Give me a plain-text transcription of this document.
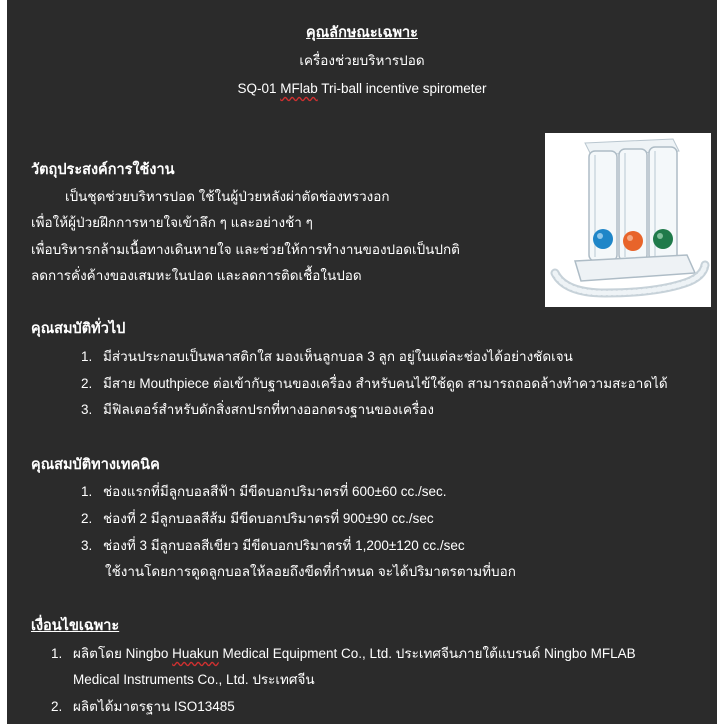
คุณลักษณะเฉพาะ
เครื่องช่วยบริหารปอด
SQ-01 MFlab Tri-ball incentive spirometer
วัตถุประสงค์การใช้งาน
เป็นชุดช่วยบริหารปอด ใช้ในผู้ป่วยหลังผ่าตัดช่องทรวงอก
เพื่อให้ผู้ป่วยฝึกการหายใจเข้าลึก ๆ และอย่างช้า ๆ
เพื่อบริหารกล้ามเนื้อทางเดินหายใจ และช่วยให้การทำงานของปอดเป็นปกติ
ลดการคั่งค้างของเสมหะในปอด และลดการติดเชื้อในปอด
คุณสมบัติทั่วไป
1. มีส่วนประกอบเป็นพลาสติกใส มองเห็นลูกบอล 3 ลูก อยู่ในแต่ละช่องได้อย่างชัดเจน
2. มีสาย Mouthpiece ต่อเข้ากับฐานของเครื่อง สำหรับคนไข้ใช้ดูด สามารถถอดล้างทำความสะอาดได้
3. มีฟิลเตอร์สำหรับดักสิ่งสกปรกที่ทางออกตรงฐานของเครื่อง
คุณสมบัติทางเทคนิค
1. ช่องแรกที่มีลูกบอลสีฟ้า มีขีดบอกปริมาตรที่ 600±60 cc./sec.
2. ช่องที่ 2 มีลูกบอลสีส้ม มีขีดบอกปริมาตรที่ 900±90 cc./sec
3. ช่องที่ 3 มีลูกบอลสีเขียว มีขีดบอกปริมาตรที่ 1,200±120 cc./sec
ใช้งานโดยการดูดลูกบอลให้ลอยถึงขีดที่กำหนด จะได้ปริมาตรตามที่บอก
เงื่อนไขเฉพาะ
1. ผลิตโดย Ningbo Huakun Medical Equipment Co., Ltd. ประเทศจีนภายใต้แบรนด์ Ningbo MFLAB
Medical Instruments Co., Ltd. ประเทศจีน
2. ผลิตได้มาตรฐาน ISO13485
